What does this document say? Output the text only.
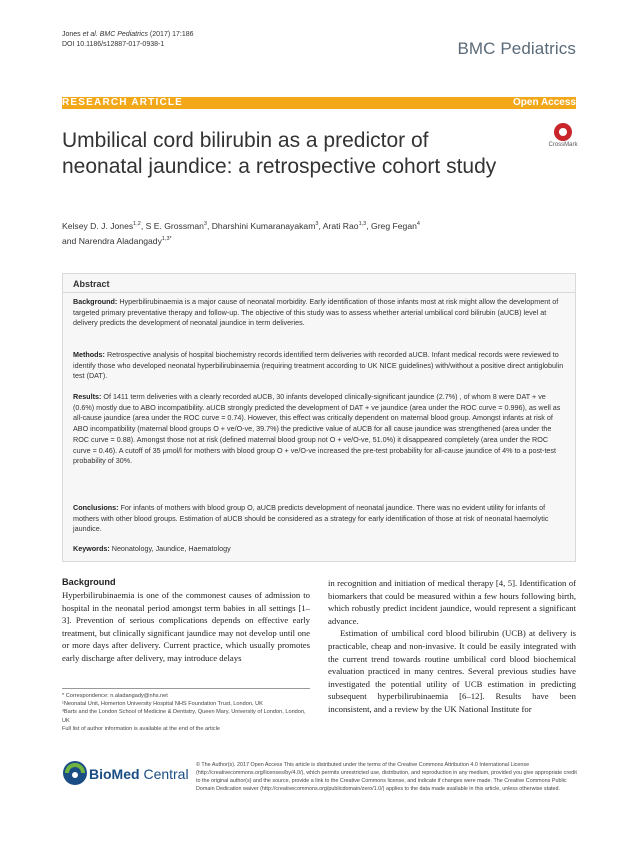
Jones et al. BMC Pediatrics (2017) 17:186
DOI 10.1186/s12887-017-0938-1	BMC Pediatrics
RESEARCH ARTICLE	Open Access
Umbilical cord bilirubin as a predictor of neonatal jaundice: a retrospective cohort study
CrossMark
Kelsey D. J. Jones$^{1,2}$, S E. Grossman$^3$, Dharshini Kumaranayakam$^3$, Arati Rao$^{1,3}$, Greg Fegan$^4$
and Narendra Aladangady$^{1,3*}$
Abstract
Background: Hyperbilirubinaemia is a major cause of neonatal morbidity. Early identification of those infants most at risk might allow the development of targeted primary preventative therapy and follow-up. The objective of this study was to assess whether arterial umbilical cord bilirubin (aUCB) level at delivery predicts the development of neonatal jaundice in term deliveries.
Methods: Retrospective analysis of hospital biochemistry records identified term deliveries with recorded aUCB. Infant medical records were reviewed to identify those who developed neonatal hyperbilirubinaemia (requiring treatment according to UK NICE guidelines) with/without a positive direct antiglobulin test (DAT).
Results: Of 1411 term deliveries with a clearly recorded aUCB, 30 infants developed clinically-significant jaundice (2.7%) , of whom 8 were DAT + ve (0.6%) mostly due to ABO incompatibility. aUCB strongly predicted the development of DAT + ve jaundice (area under the ROC curve = 0.996), as well as all-cause jaundice (area under the ROC curve = 0.74). However, this effect was critically dependent on maternal blood group. Amongst infants at risk of ABO incompatibility (maternal blood groups O + ve/O-ve, 39.7%) the predictive value of aUCB for all cause jaundice was strengthened (area under the ROC curve = 0.88). Amongst those not at risk (defined maternal blood group not O + ve/O-ve, 51.0%) it disappeared completely (area under the ROC curve = 0.46). A cutoff of 35 μmol/l for mothers with blood group O + ve/O-ve increased the pre-test probability for all-cause jaundice of 4% to a post-test probability of 30%.
Conclusions: For infants of mothers with blood group O, aUCB predicts development of neonatal jaundice. There was no evident utility for infants of mothers with other blood groups. Estimation of aUCB should be considered as a strategy for early identification of those at risk of neonatal haemolytic jaundice.
Keywords: Neonatology, Jaundice, Haematology
Background
Hyperbilirubinaemia is one of the commonest causes of admission to hospital in the neonatal period amongst term babies in all settings [1–3]. Prevention of serious complications depends on effective early treatment, but clinically significant jaundice may not develop until one or more days after delivery. Current practice, which usually promotes early discharge after delivery, may introduce delays
in recognition and initiation of medical therapy [4, 5]. Identification of biomarkers that could be measured within a few hours following birth, which robustly predict incident jaundice, would represent a significant advance.
Estimation of umbilical cord blood bilirubin (UCB) at delivery is practicable, cheap and non-invasive. It could be easily integrated with the current trend towards routine umbilical cord blood biochemical evaluation practiced in many centres. Several previous studies have investigated the potential utility of UCB estimation in predicting subsequent hyperbilirubinaemia [6–12]. Results have been inconsistent, and a review by the UK National Institute for
* Correspondence: n.aladangady@nhs.net
¹Neonatal Unit, Homerton University Hospital NHS Foundation Trust, London, UK
³Barts and the London School of Medicine & Dentistry, Queen Mary, University of London, London, UK
Full list of author information is available at the end of the article
BioMed Central
© The Author(s). 2017 Open Access This article is distributed under the terms of the Creative Commons Attribution 4.0 International License (http://creativecommons.org/licenses/by/4.0/), which permits unrestricted use, distribution, and reproduction in any medium, provided you give appropriate credit to the original author(s) and the source, provide a link to the Creative Commons license, and indicate if changes were made. The Creative Commons Public Domain Dedication waiver (http://creativecommons.org/publicdomain/zero/1.0/) applies to the data made available in this article, unless otherwise stated.
